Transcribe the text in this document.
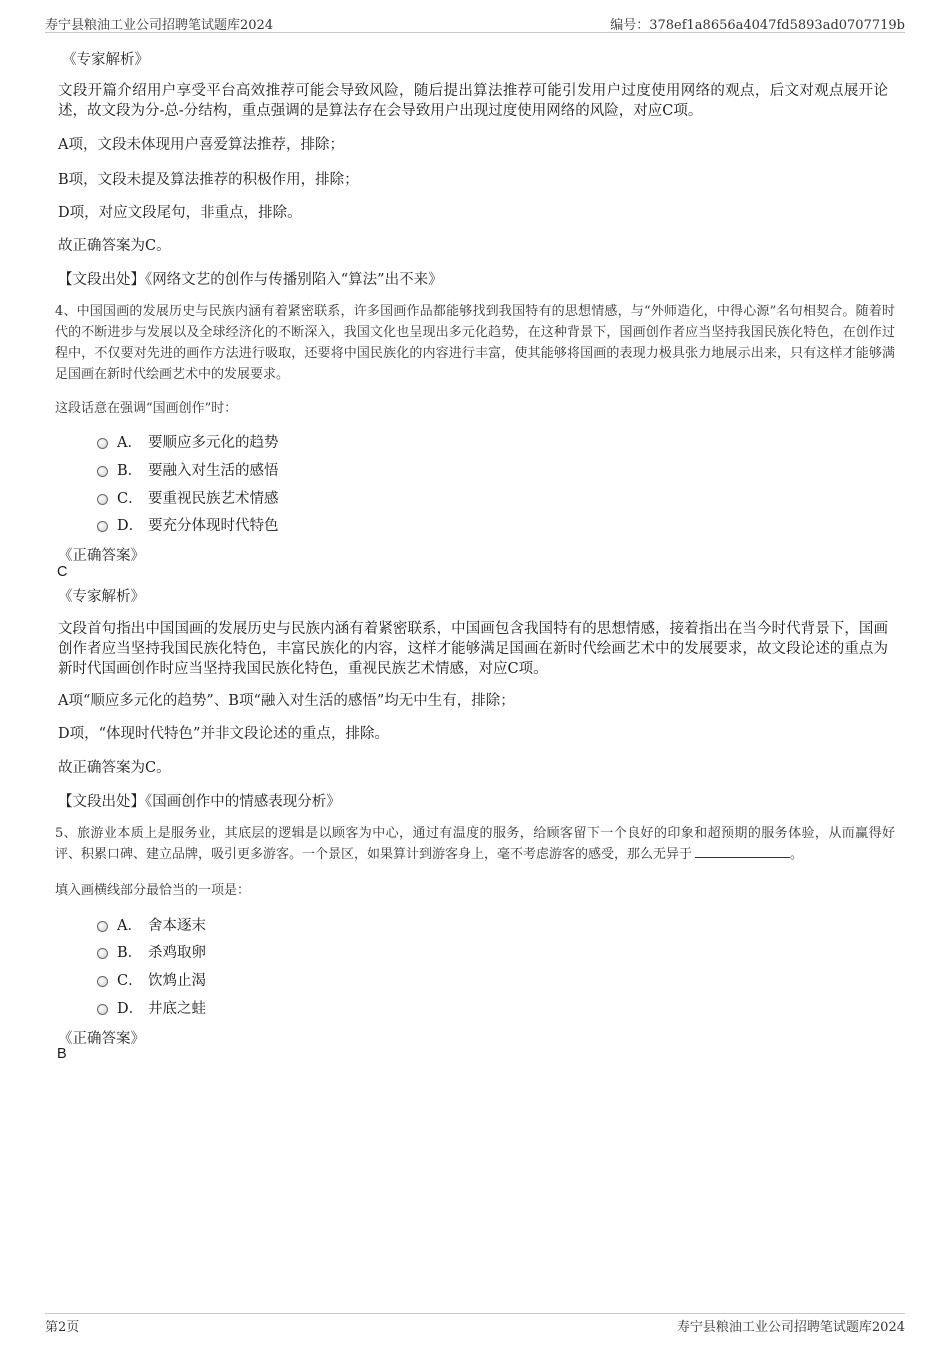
寿宁县粮油工业公司招聘笔试题库2024	编号：378ef1a8656a4047fd5893ad0707719b
《专家解析》
文段开篇介绍用户享受平台高效推荐可能会导致风险，随后提出算法推荐可能引发用户过度使用网络的观点，后文对观点展开论述，故文段为分-总-分结构，重点强调的是算法存在会导致用户出现过度使用网络的风险，对应C项。
A项，文段未体现用户喜爱算法推荐，排除；
B项，文段未提及算法推荐的积极作用，排除；
D项，对应文段尾句，非重点，排除。
故正确答案为C。
【文段出处】《网络文艺的创作与传播别陷入“算法”出不来》
4、中国国画的发展历史与民族内涵有着紧密联系，许多国画作品都能够找到我国特有的思想情感，与“外师造化，中得心源”名句相契合。随着时代的不断进步与发展以及全球经济化的不断深入，我国文化也呈现出多元化趋势，在这种背景下，国画创作者应当坚持我国民族化特色，在创作过程中，不仅要对先进的画作方法进行吸取，还要将中国民族化的内容进行丰富，使其能够将国画的表现力极具张力地展示出来，只有这样才能够满足国画在新时代绘画艺术中的发展要求。
这段话意在强调“国画创作”时：
A． 要顺应多元化的趋势
B． 要融入对生活的感悟
C． 要重视民族艺术情感
D． 要充分体现时代特色
《正确答案》
C
《专家解析》
文段首句指出中国国画的发展历史与民族内涵有着紧密联系，中国画包含我国特有的思想情感，接着指出在当今时代背景下，国画创作者应当坚持我国民族化特色，丰富民族化的内容，这样才能够满足国画在新时代绘画艺术中的发展要求，故文段论述的重点为新时代国画创作时应当坚持我国民族化特色，重视民族艺术情感，对应C项。
A项“顺应多元化的趋势”、B项“融入对生活的感悟”均无中生有，排除；
D项，“体现时代特色”并非文段论述的重点，排除。
故正确答案为C。
【文段出处】《国画创作中的情感表现分析》
5、旅游业本质上是服务业，其底层的逻辑是以顾客为中心，通过有温度的服务，给顾客留下一个良好的印象和超预期的服务体验，从而赢得好评、积累口碑、建立品牌，吸引更多游客。一个景区，如果算计到游客身上，毫不考虑游客的感受，那么无异于	。
填入画横线部分最恰当的一项是：
A． 舍本逐末
B． 杀鸡取卵
C． 饮鸩止渴
D． 井底之蛙
《正确答案》
B
第2页	寿宁县粮油工业公司招聘笔试题库2024
